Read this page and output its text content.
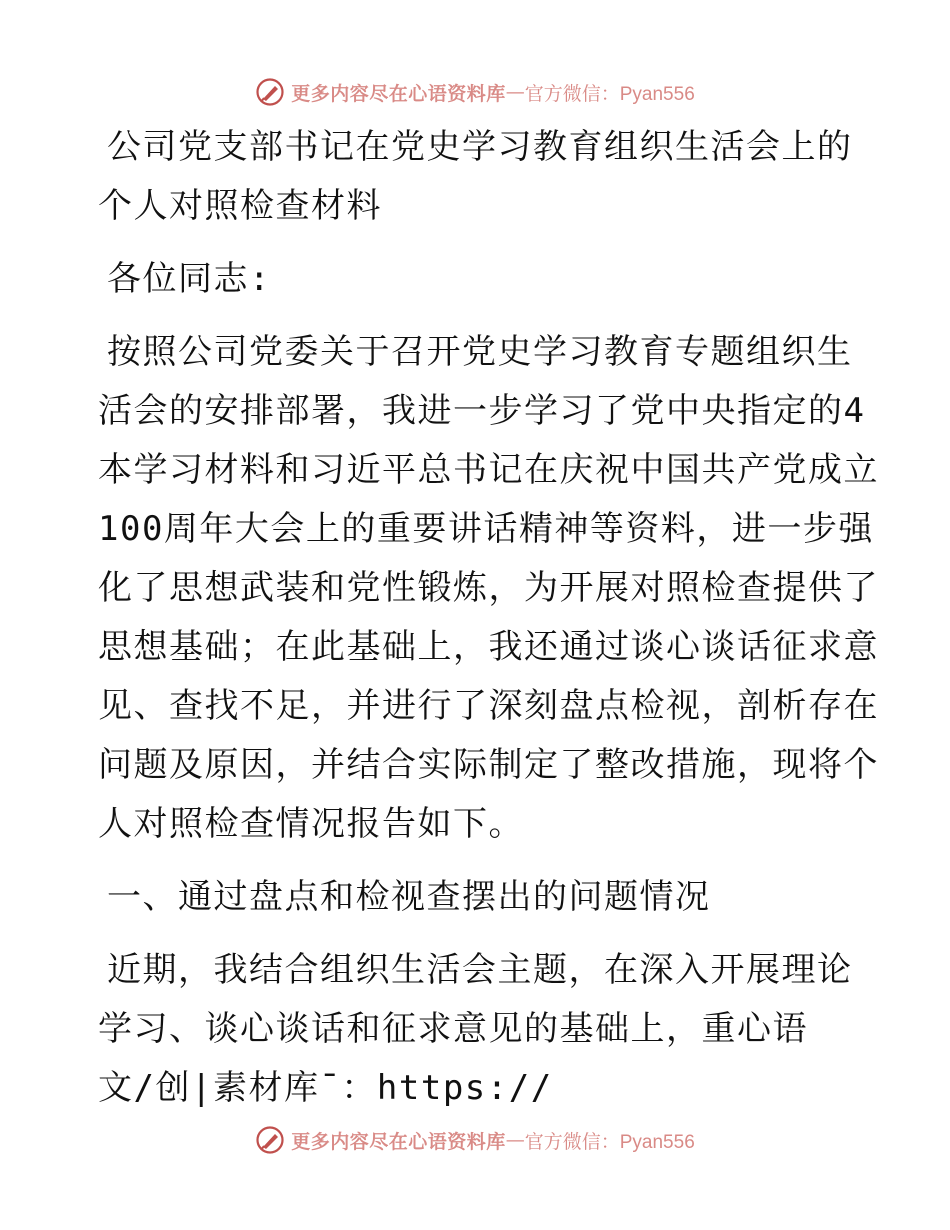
更多内容尽在心语资料库 — 官方微信：Pyan556
公司党支部书记在党史学习教育组织生活会上的
个人对照检查材料
各位同志:
按照公司党委关于召开党史学习教育专题组织生
活会的安排部署，我进一步学习了党中央指定的4
本学习材料和习近平总书记在庆祝中国共产党成立
100周年大会上的重要讲话精神等资料，进一步强
化了思想武装和党性锻炼，为开展对照检查提供了
思想基础；在此基础上，我还通过谈心谈话征求意
见、查找不足，并进行了深刻盘点检视，剖析存在
问题及原因，并结合实际制定了整改措施，现将个
人对照检查情况报告如下。
一、通过盘点和检视查摆出的问题情况
近期，我结合组织生活会主题，在深入开展理论
学习、谈心谈话和征求意见的基础上，重心语
文/创|素材库¯：https://
更多内容尽在心语资料库 — 官方微信：Pyan556
